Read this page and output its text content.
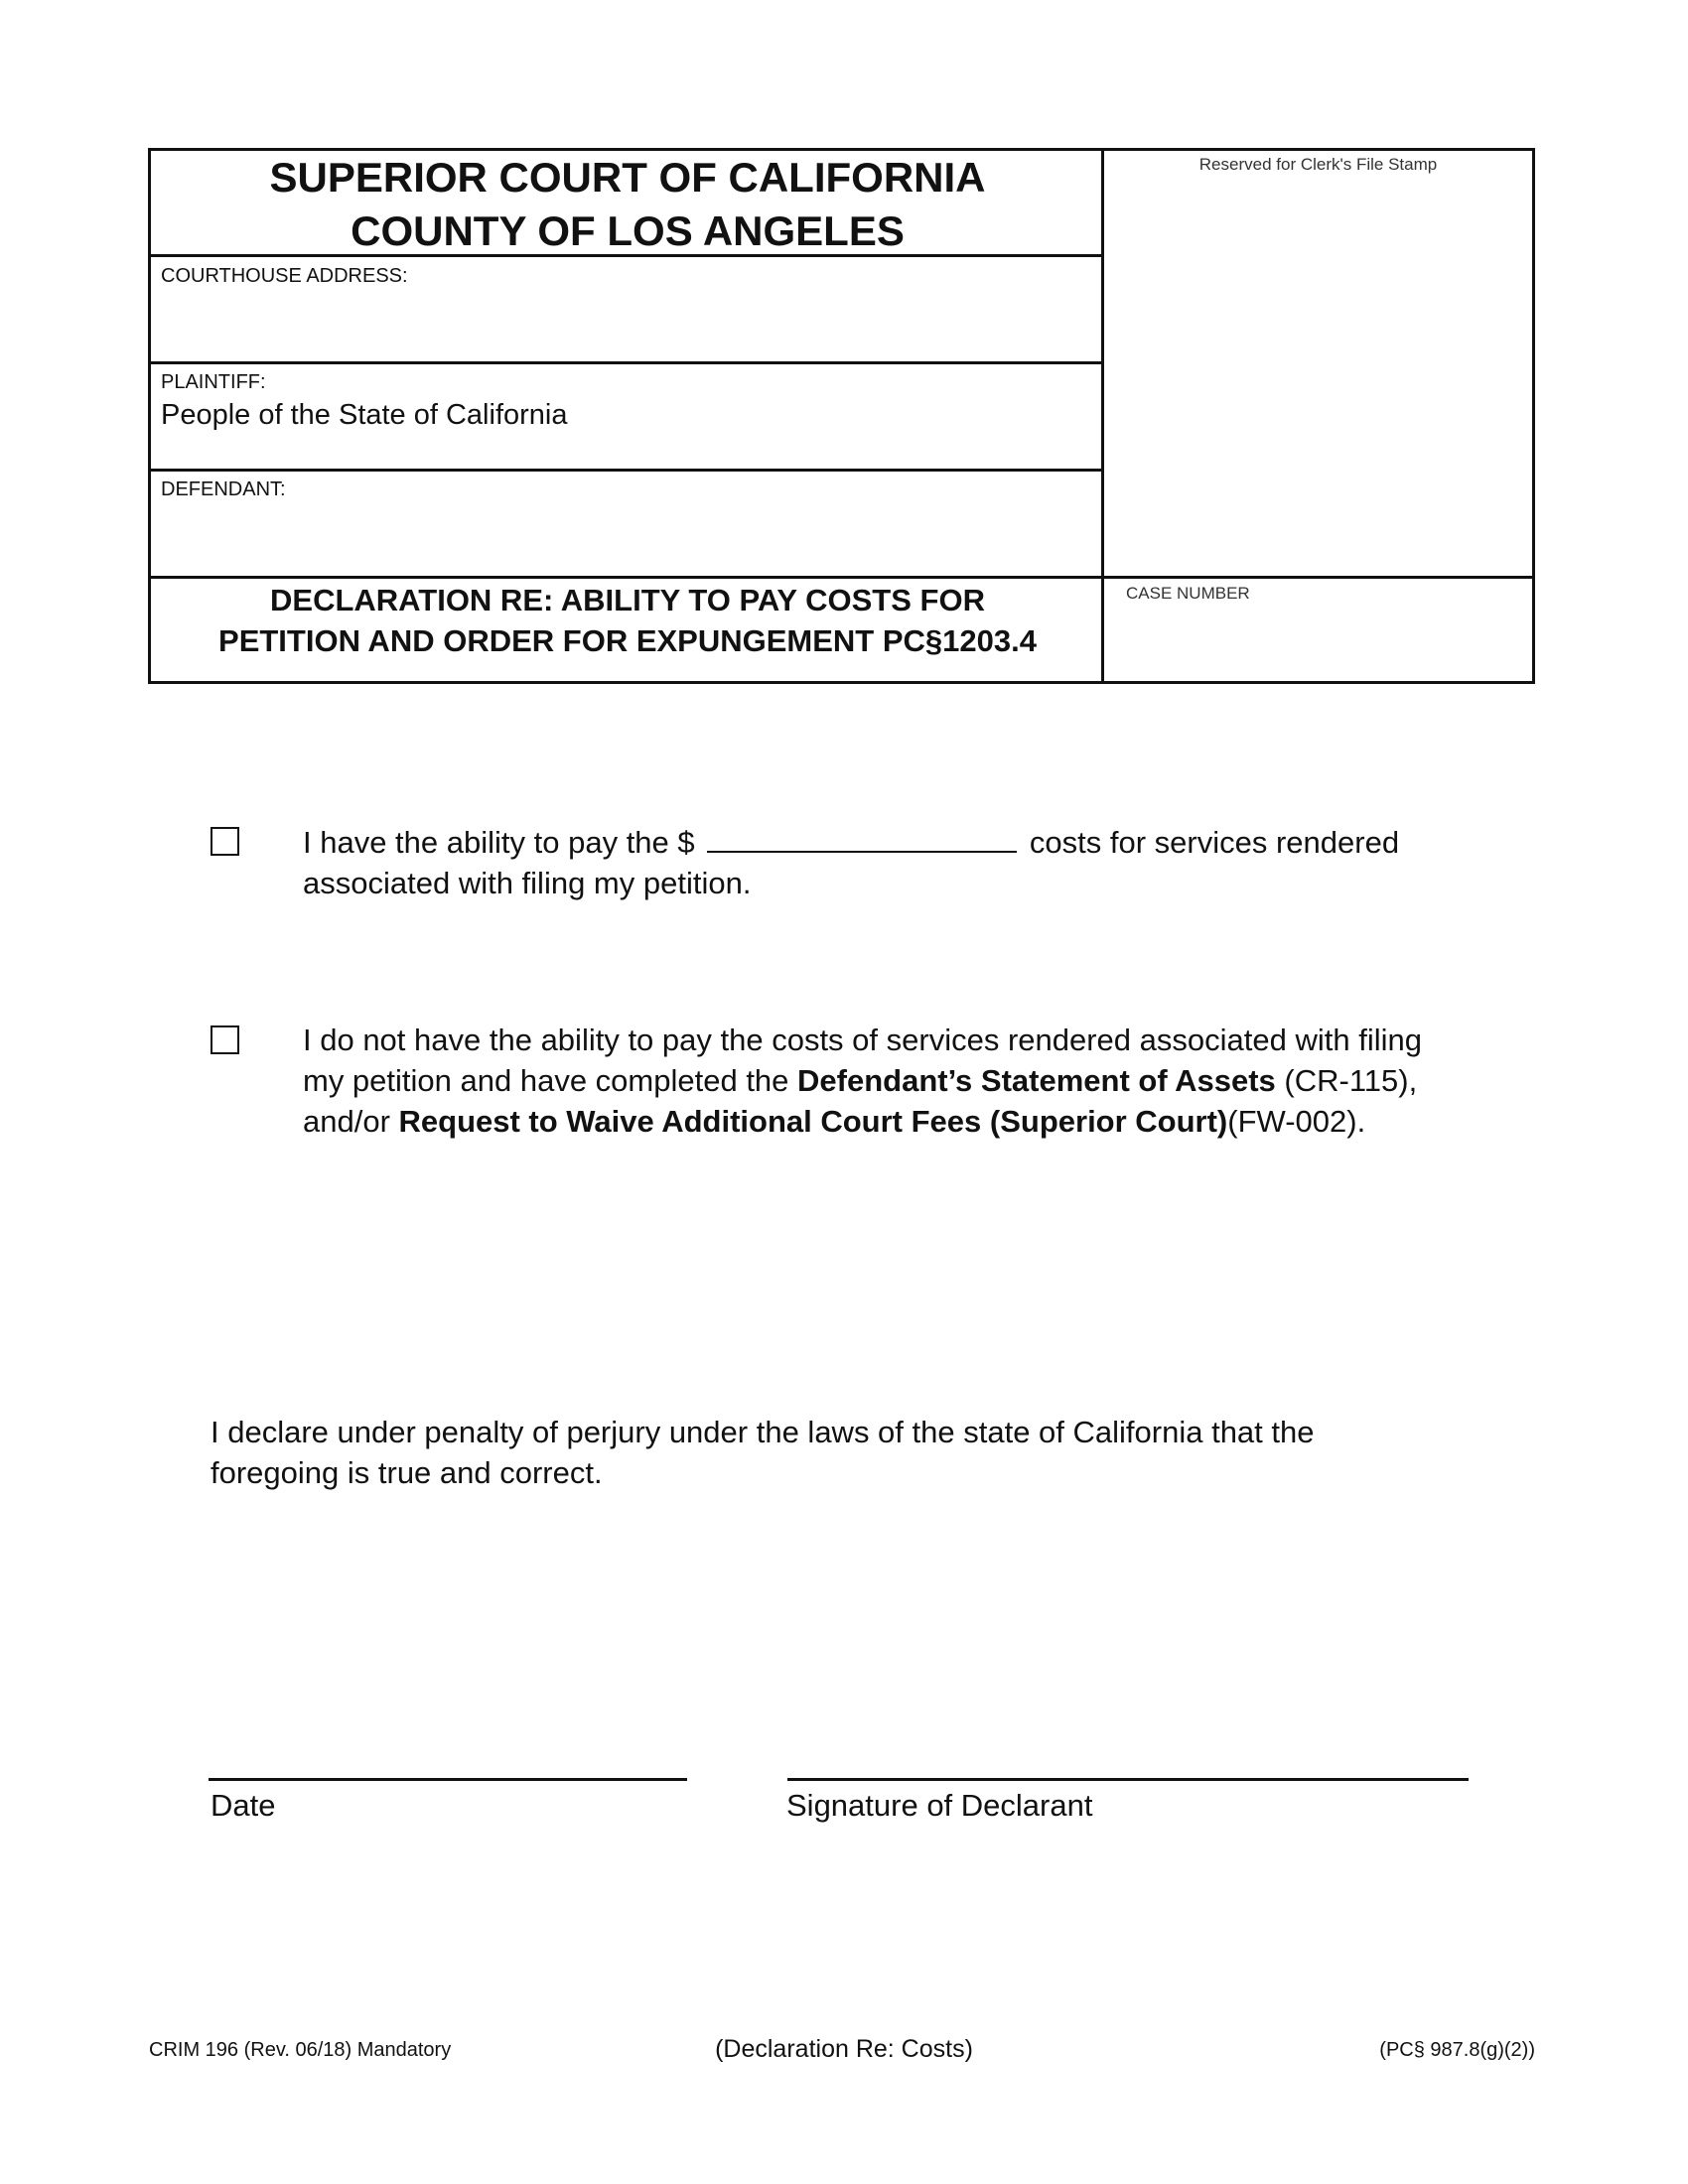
SUPERIOR COURT OF CALIFORNIA
COUNTY OF LOS ANGELES
Reserved for Clerk's File Stamp
COURTHOUSE ADDRESS:
PLAINTIFF:
People of the State of California
DEFENDANT:
DECLARATION RE: ABILITY TO PAY COSTS FOR
PETITION AND ORDER FOR EXPUNGEMENT PC§1203.4
CASE NUMBER
I have the ability to pay the $	costs for services rendered
associated with filing my petition.
I do not have the ability to pay the costs of services rendered associated with filing
my petition and have completed the Defendant’s Statement of Assets (CR-115),
and/or Request to Waive Additional Court Fees (Superior Court)(FW-002).
I declare under penalty of perjury under the laws of the state of California that the
foregoing is true and correct.
Date	Signature of Declarant
CRIM 196 (Rev. 06/18) Mandatory	(Declaration Re: Costs)	(PC§ 987.8(g)(2))
